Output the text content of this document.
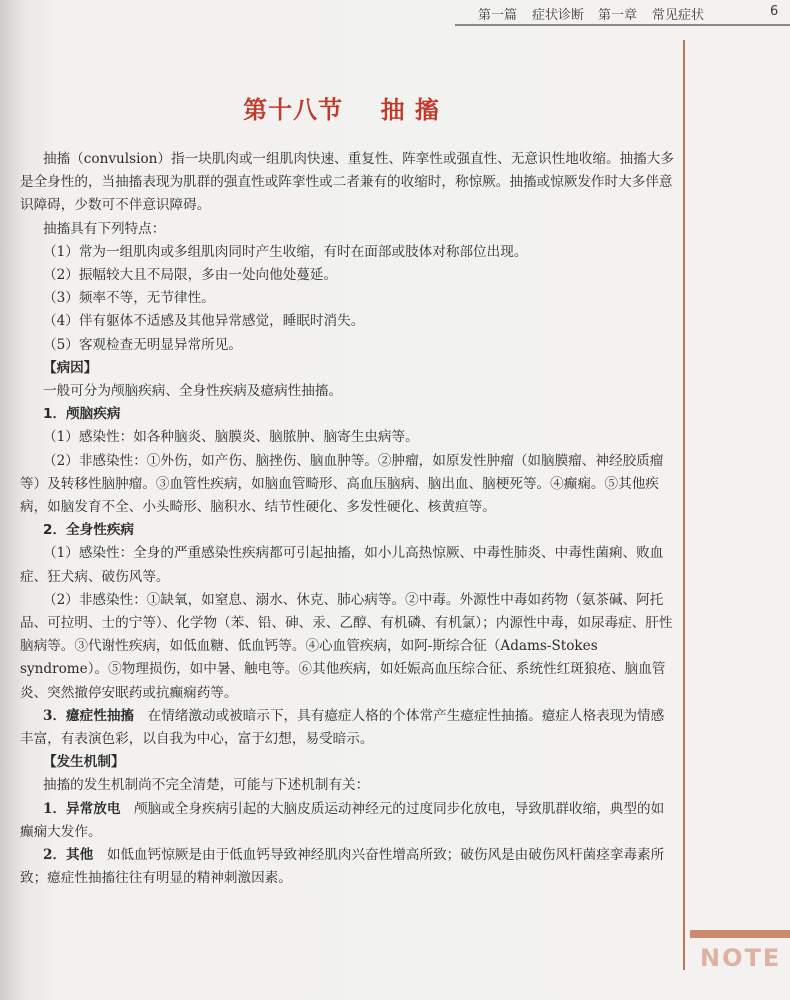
第一篇 症状诊断 第一章 常见症状	6
第十八节 抽 搐

抽搐（convulsion）指一块肌肉或一组肌肉快速、重复性、阵挛性或强直性、无意识性地收缩。抽搐大多是全身性的，当抽搐表现为肌群的强直性或阵挛性或二者兼有的收缩时，称惊厥。抽搐或惊厥发作时大多伴意识障碍，少数可不伴意识障碍。

抽搐具有下列特点：

（1）常为一组肌肉或多组肌肉同时产生收缩，有时在面部或肢体对称部位出现。

（2）振幅较大且不局限，多由一处向他处蔓延。

（3）频率不等，无节律性。

（4）伴有躯体不适感及其他异常感觉，睡眠时消失。

（5）客观检查无明显异常所见。

【病因】

一般可分为颅脑疾病、全身性疾病及癔病性抽搐。

1．颅脑疾病

（1）感染性：如各种脑炎、脑膜炎、脑脓肿、脑寄生虫病等。

（2）非感染性：①外伤，如产伤、脑挫伤、脑血肿等。②肿瘤，如原发性肿瘤（如脑膜瘤、神经胶质瘤等）及转移性脑肿瘤。③血管性疾病，如脑血管畸形、高血压脑病、脑出血、脑梗死等。④癫痫。⑤其他疾病，如脑发育不全、小头畸形、脑积水、结节性硬化、多发性硬化、核黄疸等。

2．全身性疾病

（1）感染性：全身的严重感染性疾病都可引起抽搐，如小儿高热惊厥、中毒性肺炎、中毒性菌痢、败血症、狂犬病、破伤风等。

（2）非感染性：①缺氧，如窒息、溺水、休克、肺心病等。②中毒。外源性中毒如药物（氨茶碱、阿托品、可拉明、士的宁等）、化学物（苯、铅、砷、汞、乙醇、有机磷、有机氯）；内源性中毒，如尿毒症、肝性脑病等。③代谢性疾病，如低血糖、低血钙等。④心血管疾病，如阿-斯综合征（Adams-Stokes syndrome）。⑤物理损伤，如中暑、触电等。⑥其他疾病，如妊娠高血压综合征、系统性红斑狼疮、脑血管炎、突然撤停安眠药或抗癫痫药等。

3．癔症性抽搐　 在情绪激动或被暗示下，具有癔症人格的个体常产生癔症性抽搐。癔症人格表现为情感丰富，有表演色彩，以自我为中心，富于幻想，易受暗示。

【发生机制】

抽搐的发生机制尚不完全清楚，可能与下述机制有关：

1．异常放电　 颅脑或全身疾病引起的大脑皮质运动神经元的过度同步化放电，导致肌群收缩，典型的如癫痫大发作。

2．其他　 如低血钙惊厥是由于低血钙导致神经肌肉兴奋性增高所致；破伤风是由破伤风杆菌痉挛毒素所致；癔症性抽搐往往有明显的精神刺激因素。

NOTE
